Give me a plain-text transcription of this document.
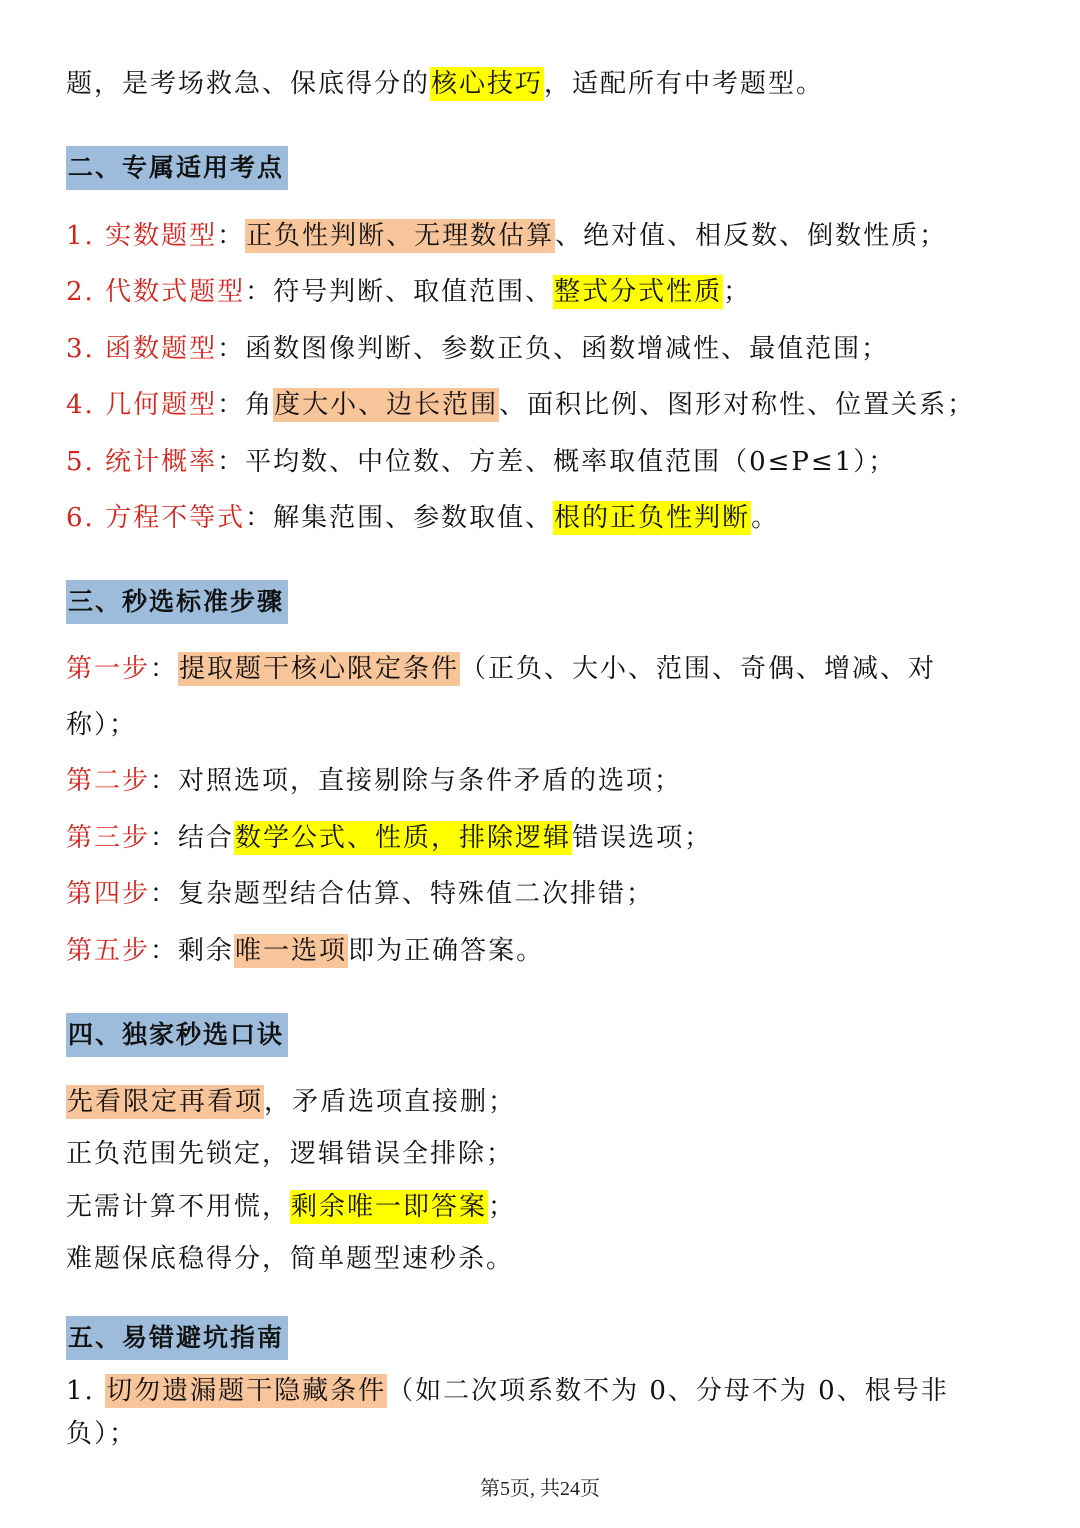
题，是考场救急、保底得分的核心技巧，适配所有中考题型。
二、专属适用考点
1. 实数题型：正负性判断、无理数估算、绝对值、相反数、倒数性质；
2. 代数式题型：符号判断、取值范围、整式分式性质；
3. 函数题型：函数图像判断、参数正负、函数增减性、最值范围；
4. 几何题型：角度大小、边长范围、面积比例、图形对称性、位置关系；
5. 统计概率：平均数、中位数、方差、概率取值范围（0≤P≤1）；
6. 方程不等式：解集范围、参数取值、根的正负性判断。
三、秒选标准步骤
第一步：提取题干核心限定条件（正负、大小、范围、奇偶、增减、对
称）；
第二步：对照选项，直接剔除与条件矛盾的选项；
第三步：结合数学公式、性质，排除逻辑错误选项；
第四步：复杂题型结合估算、特殊值二次排错；
第五步：剩余唯一选项即为正确答案。
四、独家秒选口诀
先看限定再看项，矛盾选项直接删；
正负范围先锁定，逻辑错误全排除；
无需计算不用慌，剩余唯一即答案；
难题保底稳得分，简单题型速秒杀。
五、易错避坑指南
1. 切勿遗漏题干隐藏条件（如二次项系数不为 0、分母不为 0、根号非
负）；
第5页, 共24页
